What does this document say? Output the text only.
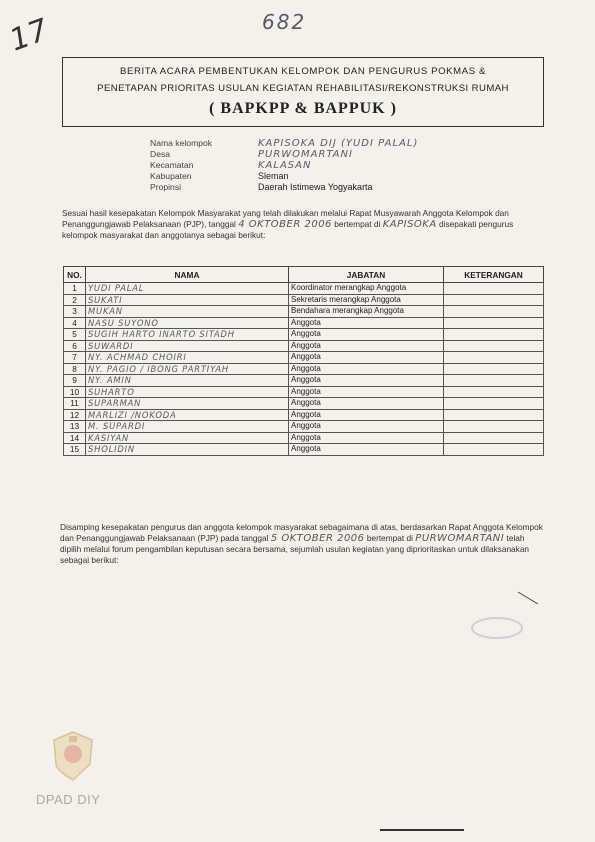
17	682
BERITA ACARA PEMBENTUKAN KELOMPOK DAN PENGURUS POKMAS &
PENETAPAN PRIORITAS USULAN KEGIATAN REHABILITASI/REKONSTRUKSI RUMAH
( BAPKPP & BAPPUK )
Nama kelompok	KAPISOKA DIJ (YUDI PALAL)
Desa	PURWOMARTANI
Kecamatan	KALASAN
Kabupaten	Sleman
Propinsi	Daerah Istimewa Yogyakarta
Sesuai hasil kesepakatan Kelompok Masyarakat yang telah dilakukan melalui Rapat Musyawarah Anggota Kelompok dan Penanggungjawab Pelaksanaan (PJP), tanggal 4 OKTOBER 2006 bertempat di KAPISOKA disepakati pengurus kelompok masyarakat dan anggotanya sebagai berikut:
NO.	NAMA	JABATAN	KETERANGAN
1	YUDI PALAL	Koordinator merangkap Anggota	
2	SUKATI	Sekretaris merangkap Anggota	
3	MUKAN	Bendahara merangkap Anggota	
4	NASU SUYONO	Anggota	
5	SUGIH HARTO INARTO SITADH	Anggota	
6	SUWARDI	Anggota	
7	NY. ACHMAD CHOIRI	Anggota	
8	NY. PAGIO / IBONG PARTIYAH	Anggota	
9	NY. AMIN	Anggota	
10	SUHARTO	Anggota	
11	SUPARMAN	Anggota	
12	MARLIZI /NOKODA	Anggota	
13	M. SUPARDI	Anggota	
14	KASIYAN	Anggota	
15	SHOLIDIN	Anggota	
Disamping kesepakatan pengurus dan anggota kelompok masyarakat sebagaimana di atas, berdasarkan Rapat Anggota Kelompok dan Penanggungjawab Pelaksanaan (PJP) pada tanggal 5 OKTOBER 2006 bertempat di PURWOMARTANI telah dipilih melalui forum pengambilan keputusan secara bersama, sejumlah usulan kegiatan yang diprioritaskan untuk dilaksanakan sebagai berikut:
DPAD DIY
